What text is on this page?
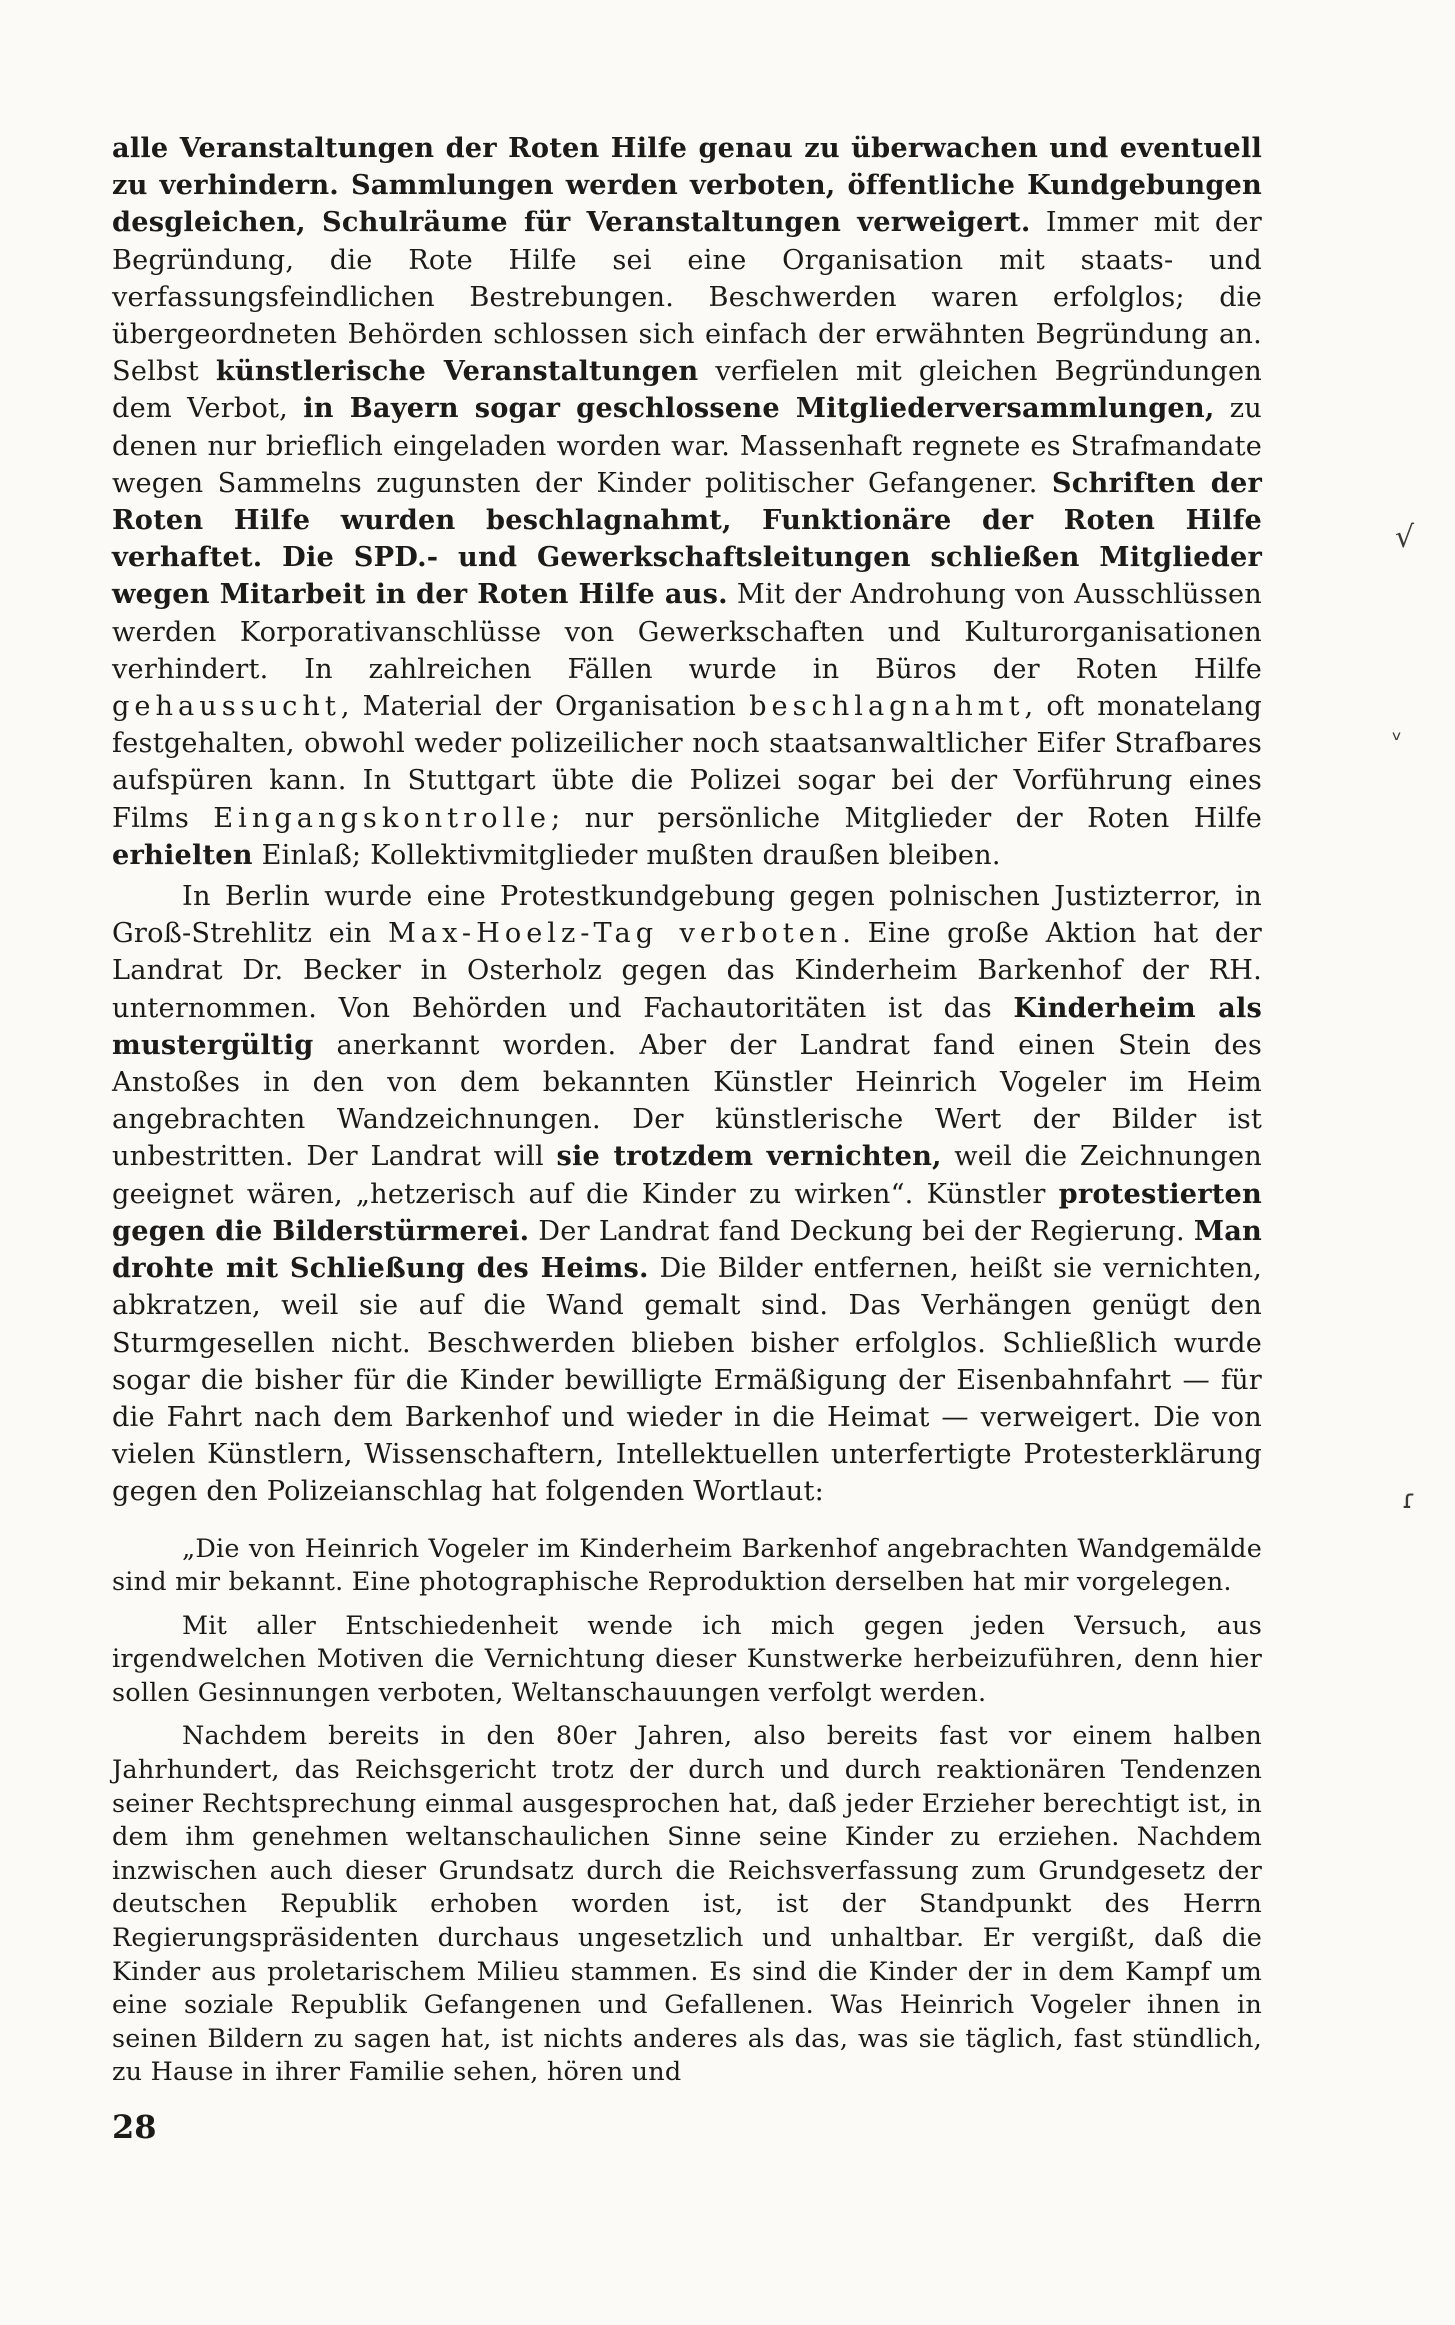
alle Veranstaltungen der Roten Hilfe genau zu überwachen und eventuell zu verhindern. Sammlungen werden verboten, öffentliche Kundgebungen desgleichen, Schulräume für Veranstaltungen verweigert. Immer mit der Begründung, die Rote Hilfe sei eine Organisation mit staats- und verfassungsfeindlichen Bestrebungen. Beschwerden waren erfolglos; die übergeordneten Behörden schlossen sich einfach der erwähnten Begründung an. Selbst künstlerische Veranstaltungen verfielen mit gleichen Begründungen dem Verbot, in Bayern sogar geschlossene Mitgliederversammlungen, zu denen nur brieflich eingeladen worden war. Massenhaft regnete es Strafmandate wegen Sammelns zugunsten der Kinder politischer Gefangener. Schriften der Roten Hilfe wurden beschlagnahmt, Funktionäre der Roten Hilfe verhaftet. Die SPD.- und Gewerkschaftsleitungen schließen Mitglieder wegen Mitarbeit in der Roten Hilfe aus. Mit der Androhung von Ausschlüssen werden Korporativanschlüsse von Gewerkschaften und Kulturorganisationen verhindert. In zahlreichen Fällen wurde in Büros der Roten Hilfe gehaussucht, Material der Organisation beschlagnahmt, oft monatelang festgehalten, obwohl weder polizeilicher noch staatsanwaltlicher Eifer Strafbares aufspüren kann. In Stuttgart übte die Polizei sogar bei der Vorführung eines Films Eingangskontrolle; nur persönliche Mitglieder der Roten Hilfe erhielten Einlaß; Kollektivmitglieder mußten draußen bleiben.

In Berlin wurde eine Protestkundgebung gegen polnischen Justizterror, in Groß-Strehlitz ein Max-Hoelz-Tag verboten. Eine große Aktion hat der Landrat Dr. Becker in Osterholz gegen das Kinderheim Barkenhof der RH. unternommen. Von Behörden und Fachautoritäten ist das Kinderheim als mustergültig anerkannt worden. Aber der Landrat fand einen Stein des Anstoßes in den von dem bekannten Künstler Heinrich Vogeler im Heim angebrachten Wandzeichnungen. Der künstlerische Wert der Bilder ist unbestritten. Der Landrat will sie trotzdem vernichten, weil die Zeichnungen geeignet wären, „hetzerisch auf die Kinder zu wirken“. Künstler protestierten gegen die Bilderstürmerei. Der Landrat fand Deckung bei der Regierung. Man drohte mit Schließung des Heims. Die Bilder entfernen, heißt sie vernichten, abkratzen, weil sie auf die Wand gemalt sind. Das Verhängen genügt den Sturmgesellen nicht. Beschwerden blieben bisher erfolglos. Schließlich wurde sogar die bisher für die Kinder bewilligte Ermäßigung der Eisenbahnfahrt — für die Fahrt nach dem Barkenhof und wieder in die Heimat — verweigert. Die von vielen Künstlern, Wissenschaftern, Intellektuellen unterfertigte Protesterklärung gegen den Polizeianschlag hat folgenden Wortlaut:

„Die von Heinrich Vogeler im Kinderheim Barkenhof angebrachten Wandgemälde sind mir bekannt. Eine photographische Reproduktion derselben hat mir vorgelegen.

Mit aller Entschiedenheit wende ich mich gegen jeden Versuch, aus irgendwelchen Motiven die Vernichtung dieser Kunstwerke herbeizuführen, denn hier sollen Gesinnungen verboten, Weltanschauungen verfolgt werden.

Nachdem bereits in den 80er Jahren, also bereits fast vor einem halben Jahrhundert, das Reichsgericht trotz der durch und durch reaktionären Tendenzen seiner Rechtsprechung einmal ausgesprochen hat, daß jeder Erzieher berechtigt ist, in dem ihm genehmen weltanschaulichen Sinne seine Kinder zu erziehen. Nachdem inzwischen auch dieser Grundsatz durch die Reichsverfassung zum Grundgesetz der deutschen Republik erhoben worden ist, ist der Standpunkt des Herrn Regierungspräsidenten durchaus ungesetzlich und unhaltbar. Er vergißt, daß die Kinder aus proletarischem Milieu stammen. Es sind die Kinder der in dem Kampf um eine soziale Republik Gefangenen und Gefallenen. Was Heinrich Vogeler ihnen in seinen Bildern zu sagen hat, ist nichts anderes als das, was sie täglich, fast stündlich, zu Hause in ihrer Familie sehen, hören und

28
√
ᵥ
ɾ
